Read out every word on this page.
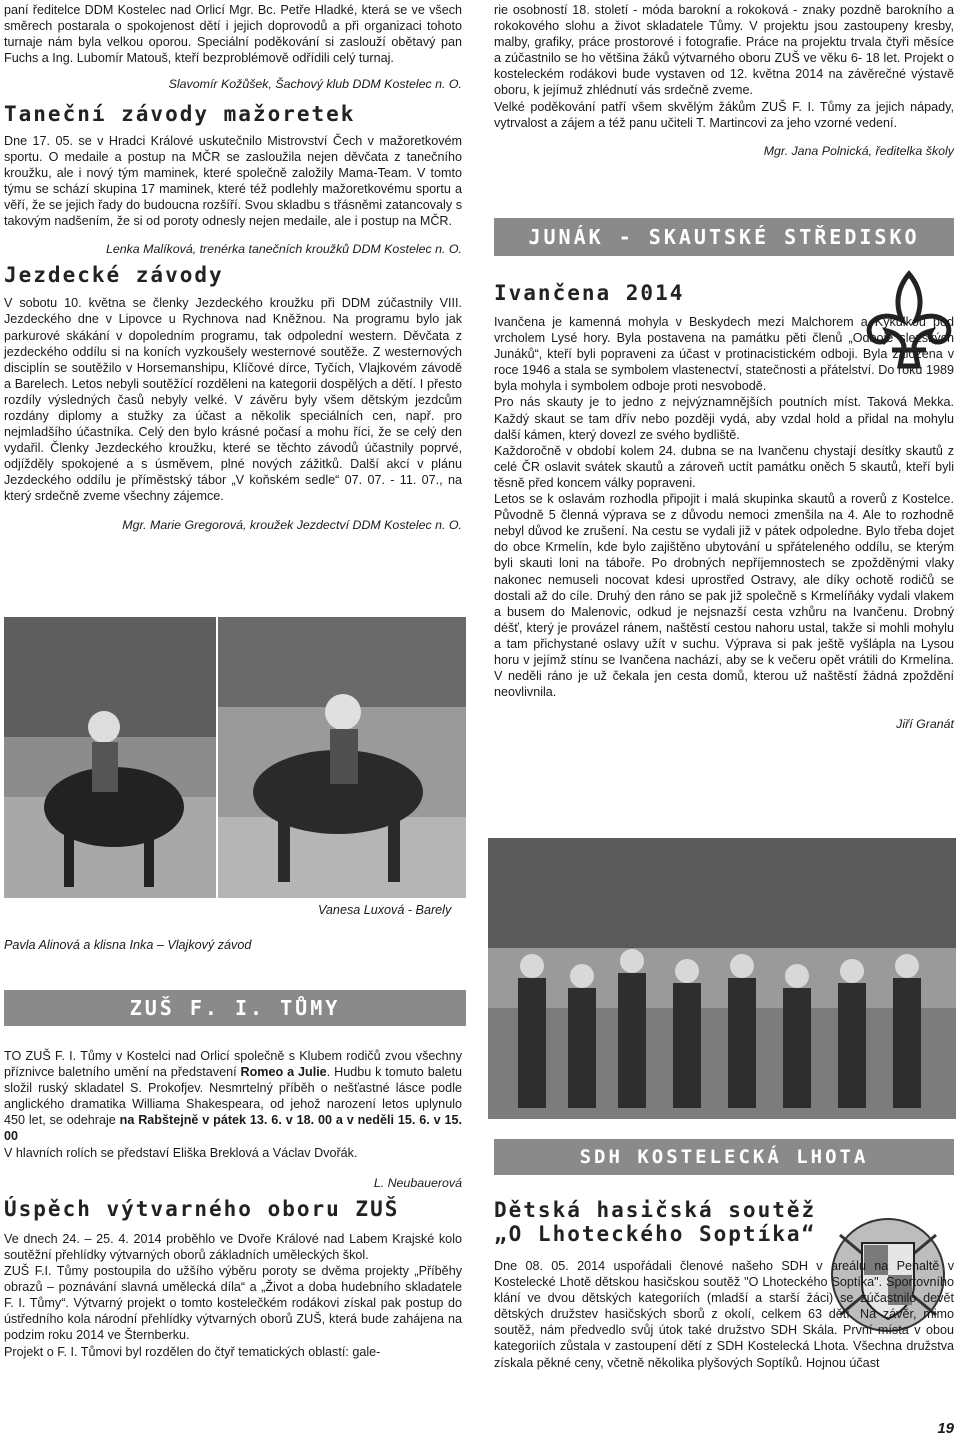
paní ředitelce DDM Kostelec nad Orlicí Mgr. Bc. Petře Hladké, která se ve všech směrech postarala o spokojenost dětí i jejich doprovodů a při organizaci tohoto turnaje nám byla velkou oporou. Speciální poděkování si zaslouží obětavý pan Fuchs a Ing. Lubomír Matouš, kteří bezproblémově odřídili celý turnaj.

Slavomír Kožůšek, Šachový klub DDM Kostelec n. O.
Taneční závody mažoretek

Dne 17. 05. se v Hradci Králové uskutečnilo Mistrovství Čech v mažoretkovém sportu. O medaile a postup na MČR se zasloužila nejen děvčata z tanečního kroužku, ale i nový tým maminek, které společně založily Mama-Team. V tomto týmu se schází skupina 17 maminek, které též podlehly mažoretkovému sportu a věří, že se jejich řady do budoucna rozšíří. Svou skladbu s třásněmi zatancovaly s takovým nadšením, že si od poroty odnesly nejen medaile, ale i postup na MČR.

Lenka Malíková, trenérka tanečních kroužků DDM Kostelec n. O.
Jezdecké závody

V sobotu 10. května se členky Jezdeckého kroužku při DDM zúčastnily VIII. Jezdeckého dne v Lipovce u Rychnova nad Kněžnou. Na programu bylo jak parkurové skákání v dopoledním programu, tak odpolední western. Děvčata z jezdeckého oddílu si na koních vyzkoušely westernové soutěže. Z westernových disciplín se soutěžilo v Horsemanshipu, Klíčové dírce, Tyčích, Vlajkovém závodě a Barelech. Letos nebyli soutěžící rozděleni na kategorii dospělých a dětí. I přesto rozdíly výsledných časů nebyly velké. V závěru byly všem dětským jezdcům rozdány diplomy a stužky za účast a několik speciálních cen, např. pro nejmladšího účastníka. Celý den bylo krásné počasí a mohu říci, že se celý den vydařil. Členky Jezdeckého kroužku, které se těchto závodů účastnily poprvé, odjížděly spokojené a s úsměvem, plné nových zážitků. Další akcí v plánu Jezdeckého oddílu je příměstský tábor „V koňském sedle“ 07. 07. - 11. 07., na který srdečně zveme všechny zájemce.

Mgr. Marie Gregorová, kroužek Jezdectví DDM Kostelec n. O.
Vanesa Luxová - Barely
Pavla Alinová a klisna Inka – Vlajkový závod
ZUŠ F. I. TŮMY

TO ZUŠ F. I. Tůmy v Kostelci nad Orlicí společně s Klubem rodičů zvou všechny příznivce baletního umění na představení Romeo a Julie. Hudbu k tomuto baletu složil ruský skladatel S. Prokofjev. Nesmrtelný příběh o nešťastné lásce podle anglického dramatika Williama Shakespeara, od jehož narození letos uplynulo 450 let, se odehraje na Rabštejně v pátek 13. 6. v 18. 00 a v neděli 15. 6. v 15. 00

V hlavních rolích se představí Eliška Breklová a Václav Dvořák.

L. Neubauerová
Úspěch výtvarného oboru ZUŠ

Ve dnech 24. – 25. 4. 2014 proběhlo ve Dvoře Králové nad Labem Krajské kolo soutěžní přehlídky výtvarných oborů základních uměleckých škol.

ZUŠ F.I. Tůmy postoupila do užšího výběru poroty se dvěma projekty „Příběhy obrazů – poznávání slavná umělecká díla“ a „Život a doba hudebního skladatele F. I. Tůmy“. Výtvarný projekt o tomto kostelečkém rodákovi získal pak postup do ústředního kola národní přehlídky výtvarných oborů ZUŠ, která bude zahájena na podzim roku 2014 ve Šternberku.

Projekt o F. I. Tůmovi byl rozdělen do čtyř tematických oblastí: gale-

rie osobností 18. století - móda barokní a rokoková - znaky pozdně barokního a rokokového slohu a život skladatele Tůmy. V projektu jsou zastoupeny kresby, malby, grafiky, práce prostorové i fotografie. Práce na projektu trvala čtyři měsíce a zúčastnilo se ho většina žáků výtvarného oboru ZUŠ ve věku 6- 18 let. Projekt o kosteleckém rodákovi bude vystaven od 12. května 2014 na závěrečné výstavě oboru, k jejímuž zhlédnutí vás srdečně zveme.

Velké poděkování patří všem skvělým žákům ZUŠ F. I. Tůmy za jejich nápady, vytrvalost a zájem a též panu učiteli T. Martincovi za jeho vzorné vedení.

Mgr. Jana Polnická, ředitelka školy
JUNÁK - SKAUTSKÉ STŘEDISKO
Ivančena 2014

Ivančena je kamenná mohyla v Beskydech mezi Malchorem a Kykulkou pod vrcholem Lysé hory. Byla postavena na památku pěti členů „Odboje slezských Junáků“, kteří byli popraveni za účast v protinacistickém odboji. Byla založena v roce 1946 a stala se symbolem vlastenectví, statečnosti a přátelství. Do roku 1989 byla mohyla i symbolem odboje proti nesvobodě.

Pro nás skauty je to jedno z nejvýznamnějších poutních míst. Taková Mekka. Každý skaut se tam dřív nebo později vydá, aby vzdal hold a přidal na mohylu další kámen, který dovezl ze svého bydliště.

Každoročně v období kolem 24. dubna se na Ivančenu chystají desítky skautů z celé ČR oslavit svátek skautů a zároveň uctít památku oněch 5 skautů, kteří byli těsně před koncem války popraveni.

Letos se k oslavám rozhodla připojit i malá skupinka skautů a roverů z Kostelce. Původně 5 členná výprava se z důvodu nemoci zmenšila na 4. Ale to rozhodně nebyl důvod ke zrušení. Na cestu se vydali již v pátek odpoledne. Bylo třeba dojet do obce Krmelín, kde bylo zajištěno ubytování u spřáteleného oddílu, se kterým byli skauti loni na táboře. Po drobných nepříjemnostech se zpožděnými vlaky nakonec nemuseli nocovat kdesi uprostřed Ostravy, ale díky ochotě rodičů se dostali až do cíle. Druhý den ráno se pak již společně s Krmelíňáky vydali vlakem a busem do Malenovic, odkud je nejsnazší cesta vzhůru na Ivančenu. Drobný déšť, který je provázel ránem, naštěstí cestou nahoru ustal, takže si mohli mohylu a tam přichystané oslavy užít v suchu. Výprava si pak ještě vyšlápla na Lysou horu v jejímž stínu se Ivančena nachází, aby se k večeru opět vrátili do Krmelína. V neděli ráno je už čekala jen cesta domů, kterou už naštěstí žádná zpoždění neovlivnila.

Jiří Granát
SDH KOSTELECKÁ LHOTA
Dětská hasičská soutěž
„O Lhoteckého Soptíka“

Dne 08. 05. 2014 uspořádali členové našeho SDH v areálu na Penaltě v Kostelecké Lhotě dětskou hasičskou soutěž "O Lhoteckého Soptíka". Sportovního klání ve dvou dětských kategoriích (mladší a starší žáci) se zúčastnilo devět dětských družstev hasičských sborů z okolí, celkem 63 dětí. Na závěr, mimo soutěž, nám předvedlo svůj útok také družstvo SDH Skála. První místa v obou kategoriích zůstala v zastoupení dětí z SDH Kostelecká Lhota. Všechna družstva získala pěkné ceny, včetně několika plyšových Soptíků. Hojnou účast

19
